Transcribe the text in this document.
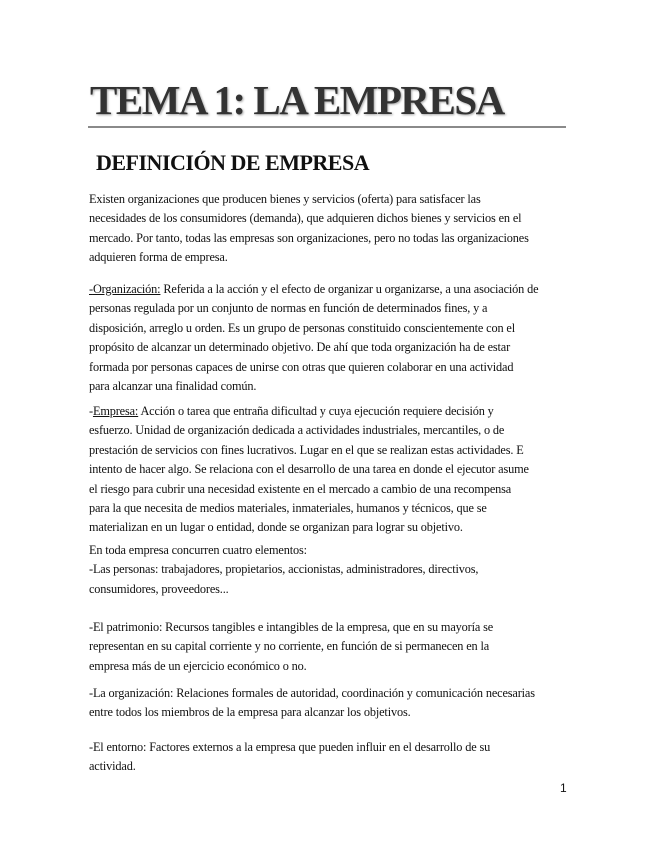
TEMA 1: LA EMPRESA
DEFINICIÓN DE EMPRESA
Existen organizaciones que producen bienes y servicios (oferta) para satisfacer las
necesidades de los consumidores (demanda), que adquieren dichos bienes y servicios en el
mercado. Por tanto, todas las empresas son organizaciones, pero no todas las organizaciones
adquieren forma de empresa.
-Organización: Referida a la acción y el efecto de organizar u organizarse, a una asociación de
personas regulada por un conjunto de normas en función de determinados fines, y a
disposición, arreglo u orden. Es un grupo de personas constituido conscientemente con el
propósito de alcanzar un determinado objetivo. De ahí que toda organización ha de estar
formada por personas capaces de unirse con otras que quieren colaborar en una actividad
para alcanzar una finalidad común.
-Empresa: Acción o tarea que entraña dificultad y cuya ejecución requiere decisión y
esfuerzo. Unidad de organización dedicada a actividades industriales, mercantiles, o de
prestación de servicios con fines lucrativos. Lugar en el que se realizan estas actividades. E
intento de hacer algo. Se relaciona con el desarrollo de una tarea en donde el ejecutor asume
el riesgo para cubrir una necesidad existente en el mercado a cambio de una recompensa
para la que necesita de medios materiales, inmateriales, humanos y técnicos, que se
materializan en un lugar o entidad, donde se organizan para lograr su objetivo.
En toda empresa concurren cuatro elementos:
-Las personas: trabajadores, propietarios, accionistas, administradores, directivos,
consumidores, proveedores...
-El patrimonio: Recursos tangibles e intangibles de la empresa, que en su mayoría se
representan en su capital corriente y no corriente, en función de si permanecen en la
empresa más de un ejercicio económico o no.
-La organización: Relaciones formales de autoridad, coordinación y comunicación necesarias
entre todos los miembros de la empresa para alcanzar los objetivos.
-El entorno: Factores externos a la empresa que pueden influir en el desarrollo de su
actividad.
1
